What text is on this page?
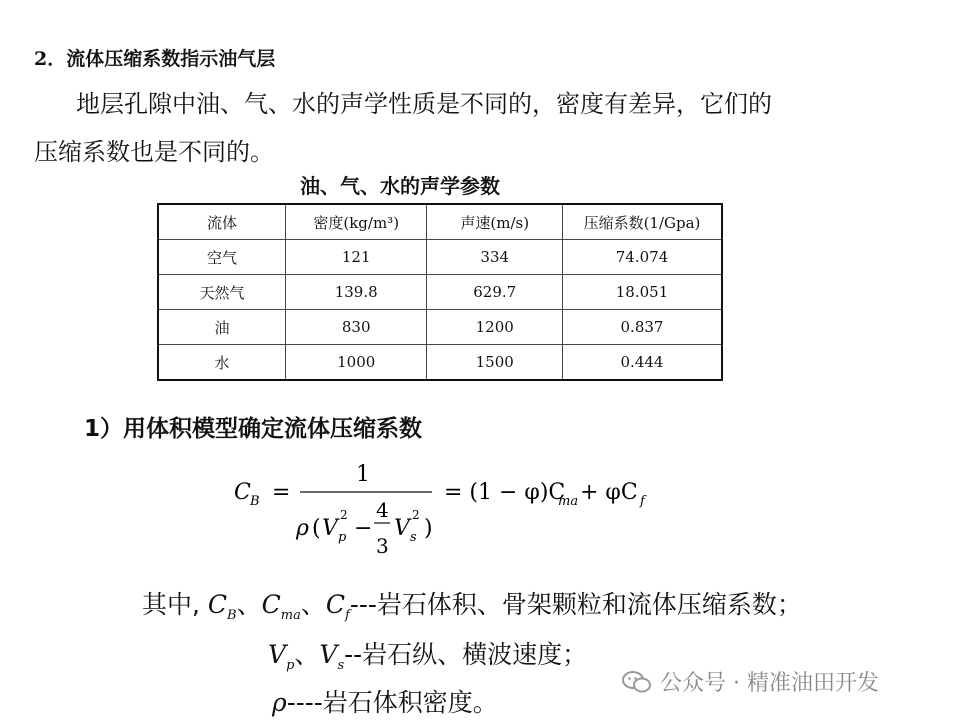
2．流体压缩系数指示油气层
地层孔隙中油、气、水的声学性质是不同的，密度有差异，它们的
压缩系数也是不同的。
油、气、水的声学参数
流体	密度(kg/m³)	声速(m/s)	压缩系数(1/Gpa)
空气	121	334	74.074
天然气	139.8	629.7	18.051
油	830	1200	0.837
水	1000	1500	0.444
1）用体积模型确定流体压缩系数
C B =
1
ρ ( V
2
p −
4
3
V
2
s )
= (1 − φ)C
ma + φC f
其中, $C_B$、$C_{ma}$、$C_f---$岩石体积、骨架颗粒和流体压缩系数；
$V_p$、$V_s--$岩石纵、横波速度；
ρ----岩石体积密度。
公众号 · 精准油田开发
